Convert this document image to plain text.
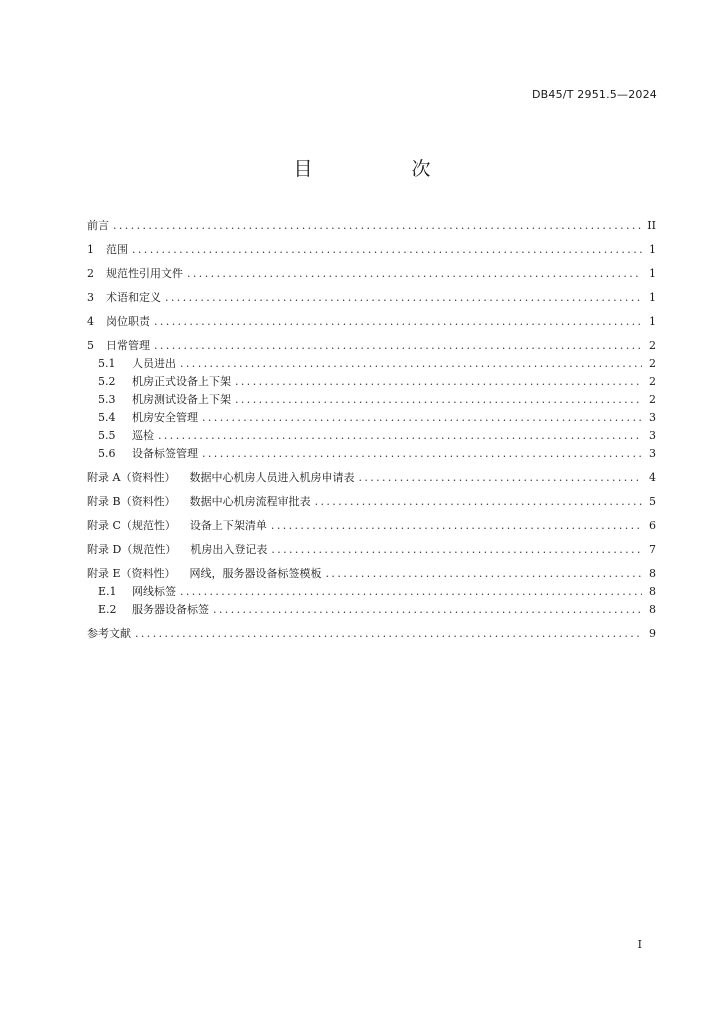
DB45/T 2951.5—2024
目　次
前言 .....	II
1	范围 .....	1
2	规范性引用文件 .....	1
3	术语和定义 .....	1
4	岗位职责 .....	1
5	日常管理 .....	2
5.1	人员进出 .....	2
5.2	机房正式设备上下架 .....	2
5.3	机房测试设备上下架 .....	2
5.4	机房安全管理 .....	3
5.5	巡检 .....	3
5.6	设备标签管理 .....	3
附录 A（资料性） 数据中心机房人员进入机房申请表 .....	4
附录 B（资料性） 数据中心机房流程审批表 .....	5
附录 C（规范性） 设备上下架清单 .....	6
附录 D（规范性） 机房出入登记表 .....	7
附录 E（资料性） 网线，服务器设备标签模板 .....	8
E.1	网线标签 .....	8
E.2	服务器设备标签 .....	8
参考文献 .....	9
I
